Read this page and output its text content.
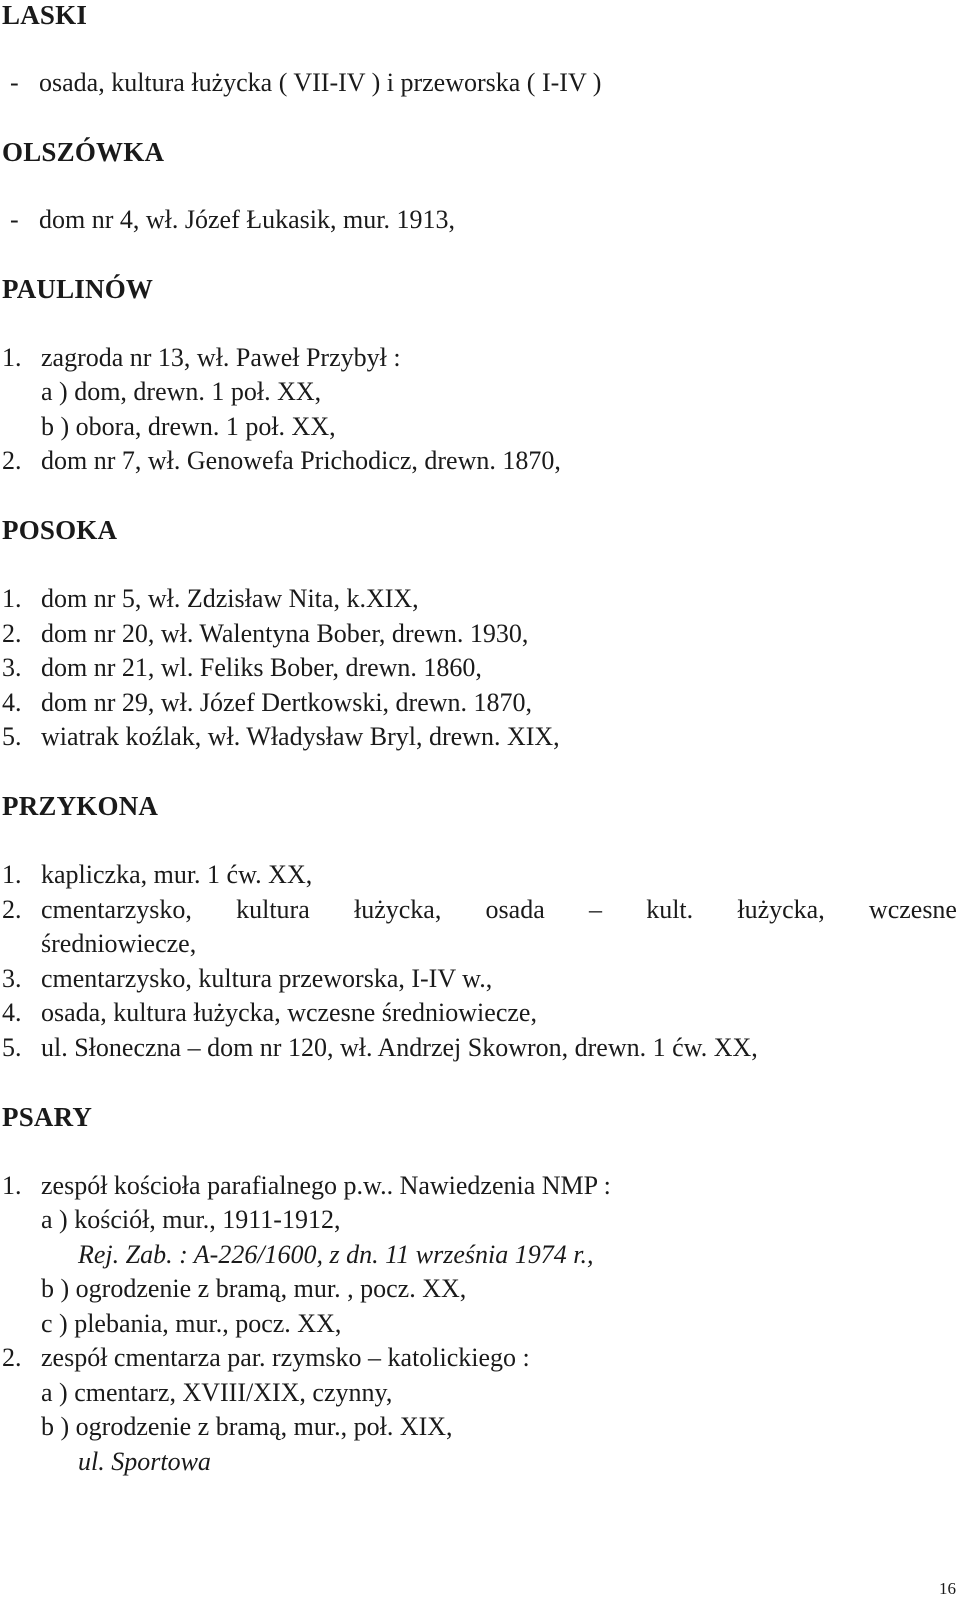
LASKI
- osada, kultura łużycka ( VII-IV ) i przeworska ( I-IV )
OLSZÓWKA
- dom nr 4, wł. Józef Łukasik, mur. 1913,
PAULINÓW
1. zagroda nr 13, wł. Paweł Przybył :
a ) dom, drewn. 1 poł. XX,
b ) obora, drewn. 1 poł. XX,
2. dom nr 7, wł. Genowefa Prichodicz, drewn. 1870,
POSOKA
1. dom nr 5, wł. Zdzisław Nita, k.XIX,
2. dom nr 20, wł. Walentyna Bober, drewn. 1930,
3. dom nr 21, wl. Feliks Bober, drewn. 1860,
4. dom nr 29, wł. Józef Dertkowski, drewn. 1870,
5. wiatrak koźlak, wł. Władysław Bryl, drewn. XIX,
PRZYKONA
1. kapliczka, mur. 1 ćw. XX,
2. cmentarzysko, kultura łużycka, osada – kult. łużycka, wczesne
średniowiecze,
3. cmentarzysko, kultura przeworska, I-IV w.,
4. osada, kultura łużycka, wczesne średniowiecze,
5. ul. Słoneczna – dom nr 120, wł. Andrzej Skowron, drewn. 1 ćw. XX,
PSARY
1. zespół kościoła parafialnego p.w.. Nawiedzenia NMP :
a ) kościół, mur., 1911-1912,
Rej. Zab. : A-226/1600, z dn. 11 września 1974 r.,
b ) ogrodzenie z bramą, mur. , pocz. XX,
c ) plebania, mur., pocz. XX,
2. zespół cmentarza par. rzymsko – katolickiego :
a ) cmentarz, XVIII/XIX, czynny,
b ) ogrodzenie z bramą, mur., poł. XIX,
ul. Sportowa
16
